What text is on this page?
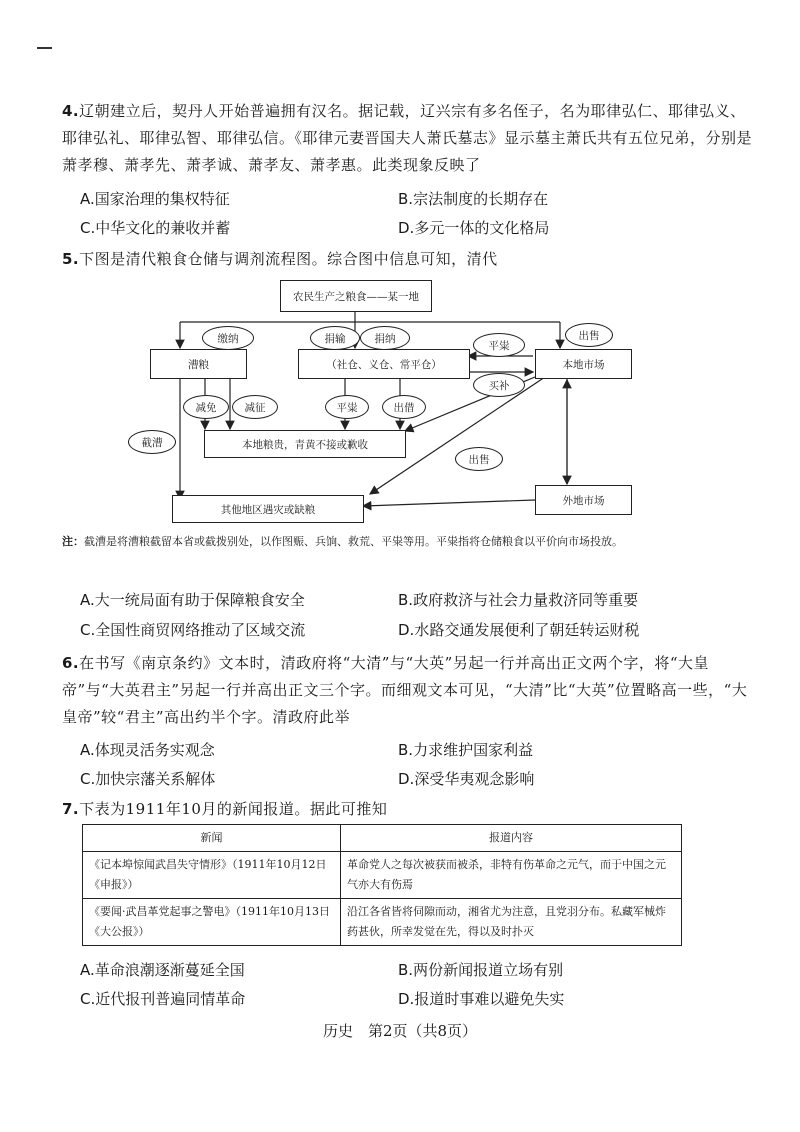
4.辽朝建立后，契丹人开始普遍拥有汉名。据记载，辽兴宗有多名侄子，名为耶律弘仁、耶律弘义、耶律弘礼、耶律弘智、耶律弘信。《耶律元妻晋国夫人萧氏墓志》显示墓主萧氏共有五位兄弟，分别是萧孝穆、萧孝先、萧孝诚、萧孝友、萧孝惠。此类现象反映了
A.国家治理的集权特征	B.宗法制度的长期存在
C.中华文化的兼收并蓄	D.多元一体的文化格局
5.下图是清代粮食仓储与调剂流程图。综合图中信息可知，清代
农民生产之粮食——某一地
漕粮	（社仓、义仓、常平仓）	本地市场
本地粮贵，青黄不接或歉收
外地市场
其他地区遇灾或缺粮
缴纳	捐输	捐纳
平粜
出售
买补
减免	减征	平粜	出借
截漕
出售
注：截漕是将漕粮截留本省或截拨别处，以作图赈、兵饷、救荒、平粜等用。平粜指将仓储粮食以平价向市场投放。
A.大一统局面有助于保障粮食安全	B.政府救济与社会力量救济同等重要
C.全国性商贸网络推动了区域交流	D.水路交通发展便利了朝廷转运财税
6.在书写《南京条约》文本时，清政府将“大清”与“大英”另起一行并高出正文两个字，将“大皇帝”与“大英君主”另起一行并高出正文三个字。而细观文本可见，“大清”比“大英”位置略高一些，“大皇帝”较“君主”高出约半个字。清政府此举
A.体现灵活务实观念	B.力求维护国家利益
C.加快宗藩关系解体	D.深受华夷观念影响
7.下表为1911年10月的新闻报道。据此可推知
新闻	报道内容
《记本埠惊闻武昌失守情形》（1911年10月12日《申报》）	革命党人之每次被获而被杀，非特有伤革命之元气，而于中国之元气亦大有伤焉
《要闻·武昌革党起事之警电》（1911年10月13日《大公报》）	沿江各省皆将伺隙而动，湘省尤为注意，且党羽分布。私藏军械炸药甚伙，所幸发觉在先，得以及时扑灭
A.革命浪潮逐渐蔓延全国	B.两份新闻报道立场有别
C.近代报刊普遍同情革命	D.报道时事难以避免失实
历史　第2页（共8页）
